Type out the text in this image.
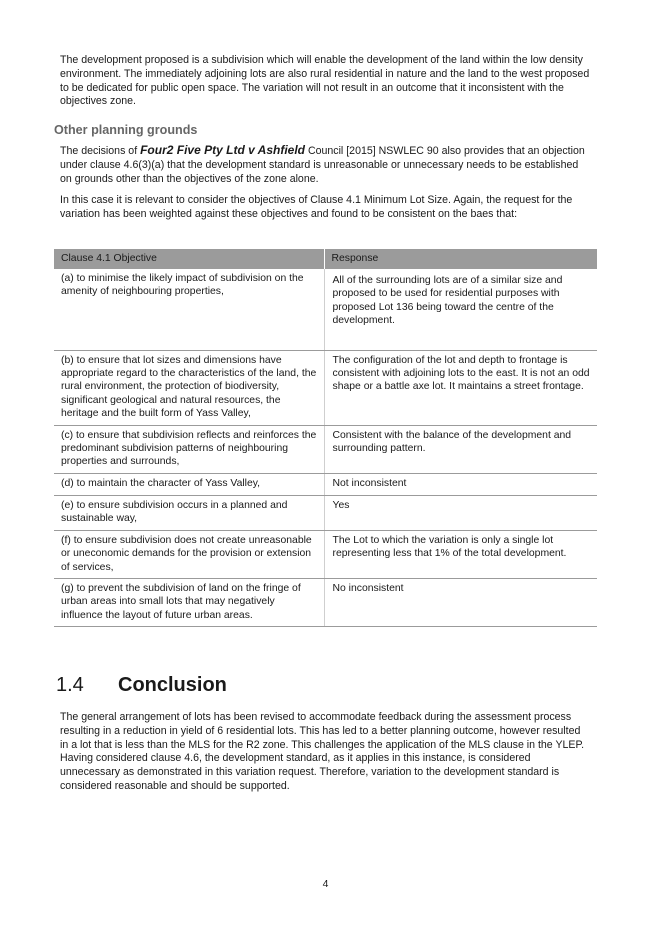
The development proposed is a subdivision which will enable the development of the land within the low density environment. The immediately adjoining lots are also rural residential in nature and the land to the west proposed to be dedicated for public open space. The variation will not result in an outcome that it inconsistent with the objectives zone.

Other planning grounds

The decisions of Four2 Five Pty Ltd v Ashfield Council [2015] NSWLEC 90 also provides that an objection under clause 4.6(3)(a) that the development standard is unreasonable or unnecessary needs to be established on grounds other than the objectives of the zone alone.

In this case it is relevant to consider the objectives of Clause 4.1 Minimum Lot Size. Again, the request for the variation has been weighted against these objectives and found to be consistent on the baes that:

Clause 4.1 Objective	Response
(a) to minimise the likely impact of subdivision on the amenity of neighbouring properties,	All of the surrounding lots are of a similar size and proposed to be used for residential purposes with proposed Lot 136 being toward the centre of the development.
(b) to ensure that lot sizes and dimensions have appropriate regard to the characteristics of the land, the rural environment, the protection of biodiversity, significant geological and natural resources, the heritage and the built form of Yass Valley,	The configuration of the lot and depth to frontage is consistent with adjoining lots to the east. It is not an odd shape or a battle axe lot. It maintains a street frontage.
(c) to ensure that subdivision reflects and reinforces the predominant subdivision patterns of neighbouring properties and surrounds,	Consistent with the balance of the development and surrounding pattern.
(d) to maintain the character of Yass Valley,	Not inconsistent
(e) to ensure subdivision occurs in a planned and sustainable way,	Yes
(f) to ensure subdivision does not create unreasonable or uneconomic demands for the provision or extension of services,	The Lot to which the variation is only a single lot representing less that 1% of the total development.
(g) to prevent the subdivision of land on the fringe of urban areas into small lots that may negatively influence the layout of future urban areas.	No inconsistent
1.4 Conclusion

The general arrangement of lots has been revised to accommodate feedback during the assessment process resulting in a reduction in yield of 6 residential lots. This has led to a better planning outcome, however resulted in a lot that is less than the MLS for the R2 zone. This challenges the application of the MLS clause in the YLEP. Having considered clause 4.6, the development standard, as it applies in this instance, is considered unnecessary as demonstrated in this variation request. Therefore, variation to the development standard is considered reasonable and should be supported.

4
